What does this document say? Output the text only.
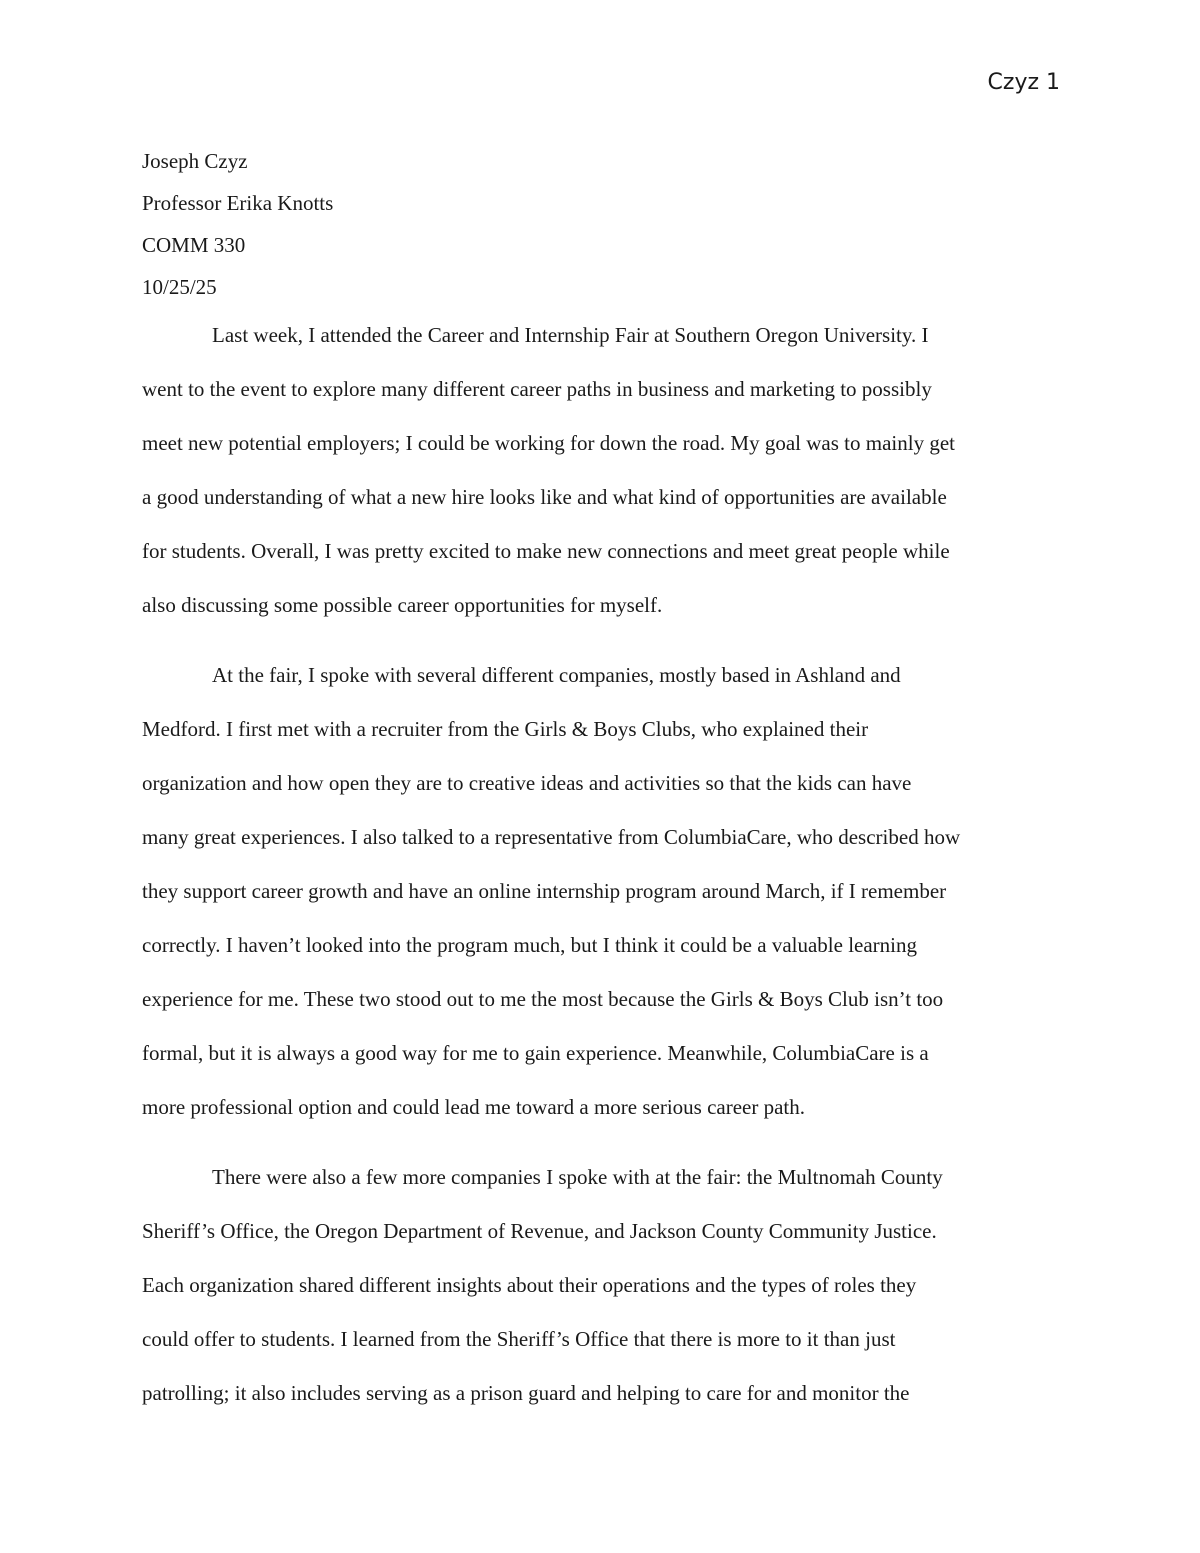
Czyz 1
Joseph Czyz
Professor Erika Knotts
COMM 330
10/25/25
Last week, I attended the Career and Internship Fair at Southern Oregon University. I
went to the event to explore many different career paths in business and marketing to possibly
meet new potential employers; I could be working for down the road. My goal was to mainly get
a good understanding of what a new hire looks like and what kind of opportunities are available
for students. Overall, I was pretty excited to make new connections and meet great people while
also discussing some possible career opportunities for myself.
At the fair, I spoke with several different companies, mostly based in Ashland and
Medford. I first met with a recruiter from the Girls & Boys Clubs, who explained their
organization and how open they are to creative ideas and activities so that the kids can have
many great experiences. I also talked to a representative from ColumbiaCare, who described how
they support career growth and have an online internship program around March, if I remember
correctly. I haven’t looked into the program much, but I think it could be a valuable learning
experience for me. These two stood out to me the most because the Girls & Boys Club isn’t too
formal, but it is always a good way for me to gain experience. Meanwhile, ColumbiaCare is a
more professional option and could lead me toward a more serious career path.
There were also a few more companies I spoke with at the fair: the Multnomah County
Sheriff’s Office, the Oregon Department of Revenue, and Jackson County Community Justice.
Each organization shared different insights about their operations and the types of roles they
could offer to students. I learned from the Sheriff’s Office that there is more to it than just
patrolling; it also includes serving as a prison guard and helping to care for and monitor the
